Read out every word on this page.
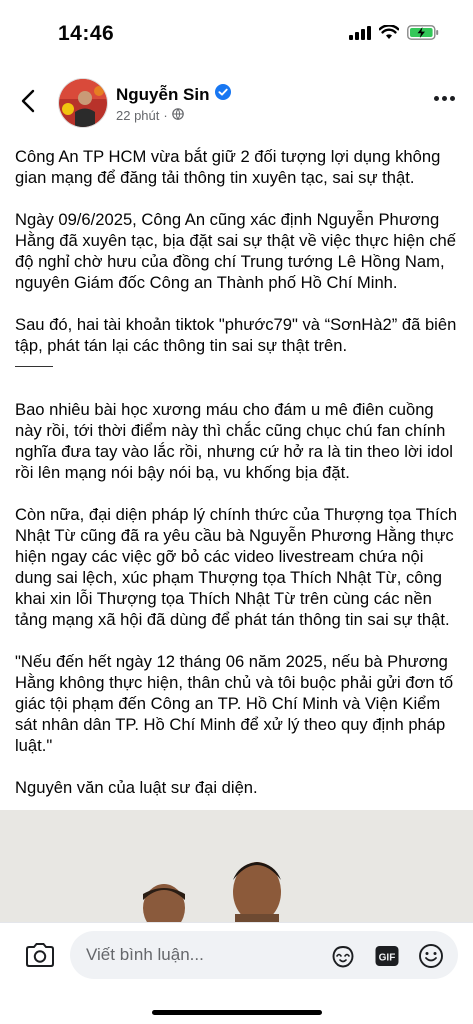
14:46
Nguyễn Sin
22 phút ·

Công An TP HCM vừa bắt giữ 2 đối tượng lợi dụng không gian mạng để đăng tải thông tin xuyên tạc, sai sự thật.

Ngày 09/6/2025, Công An cũng xác định Nguyễn Phương Hằng đã xuyên tạc, bịa đặt sai sự thật về việc thực hiện chế độ nghỉ chờ hưu của đồng chí Trung tướng Lê Hồng Nam, nguyên Giám đốc Công an Thành phố Hồ Chí Minh.

Sau đó, hai tài khoản tiktok "phước79" và “SơnHà2” đã biên tập, phát tán lại các thông tin sai sự thật trên.

Bao nhiêu bài học xương máu cho đám u mê điên cuồng này rồi, tới thời điểm này thì chắc cũng chục chú fan chính nghĩa đưa tay vào lắc rồi, nhưng cứ hở ra là tin theo lời idol rồi lên mạng nói bậy nói bạ, vu khống bịa đặt.

Còn nữa, đại diện pháp lý chính thức của Thượng tọa Thích Nhật Từ cũng đã ra yêu cầu bà Nguyễn Phương Hằng thực hiện ngay các việc gỡ bỏ các video livestream chứa nội dung sai lệch, xúc phạm Thượng tọa Thích Nhật Từ, công khai xin lỗi Thượng tọa Thích Nhật Từ trên cùng các nền tảng mạng xã hội đã dùng để phát tán thông tin sai sự thật.

"Nếu đến hết ngày 12 tháng 06 năm 2025, nếu bà Phương Hằng không thực hiện, thân chủ và tôi buộc phải gửi đơn tố giác tội phạm đến Công an TP. Hồ Chí Minh và Viện Kiểm sát nhân dân TP. Hồ Chí Minh để xử lý theo quy định pháp luật."

Nguyên văn của luật sư đại diện.

Viết bình luận...	GIF
